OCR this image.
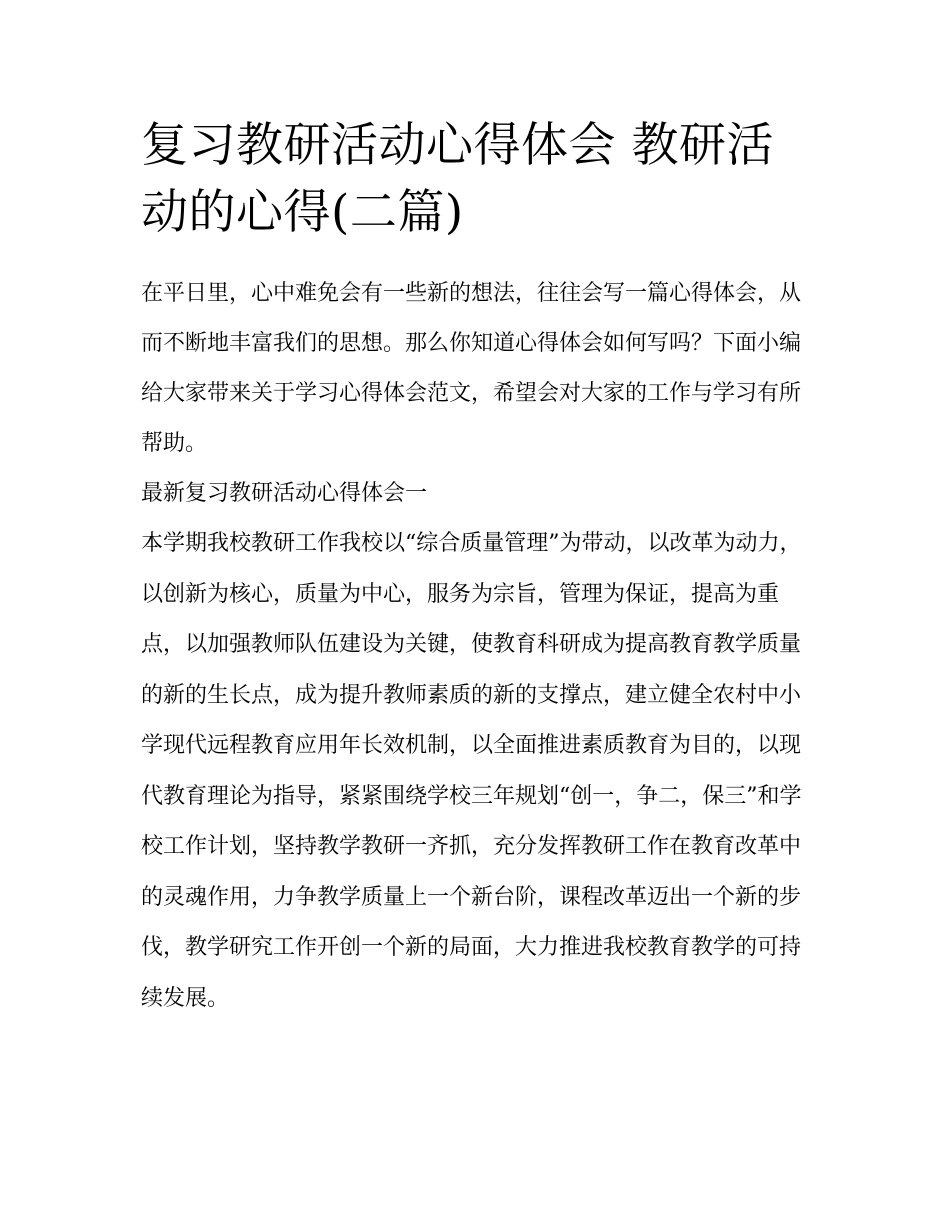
复习教研活动心得体会 教研活动的心得(二篇)

在平日里，心中难免会有一些新的想法，往往会写一篇心得体会，从而不断地丰富我们的思想。那么你知道心得体会如何写吗？下面小编给大家带来关于学习心得体会范文，希望会对大家的工作与学习有所帮助。

最新复习教研活动心得体会一

本学期我校教研工作我校以“综合质量管理”为带动，以改革为动力，以创新为核心，质量为中心，服务为宗旨，管理为保证，提高为重点，以加强教师队伍建设为关键，使教育科研成为提高教育教学质量的新的生长点，成为提升教师素质的新的支撑点，建立健全农村中小学现代远程教育应用年长效机制，以全面推进素质教育为目的，以现代教育理论为指导，紧紧围绕学校三年规划“创一，争二，保三”和学校工作计划，坚持教学教研一齐抓，充分发挥教研工作在教育改革中的灵魂作用，力争教学质量上一个新台阶，课程改革迈出一个新的步伐，教学研究工作开创一个新的局面，大力推进我校教育教学的可持续发展。
